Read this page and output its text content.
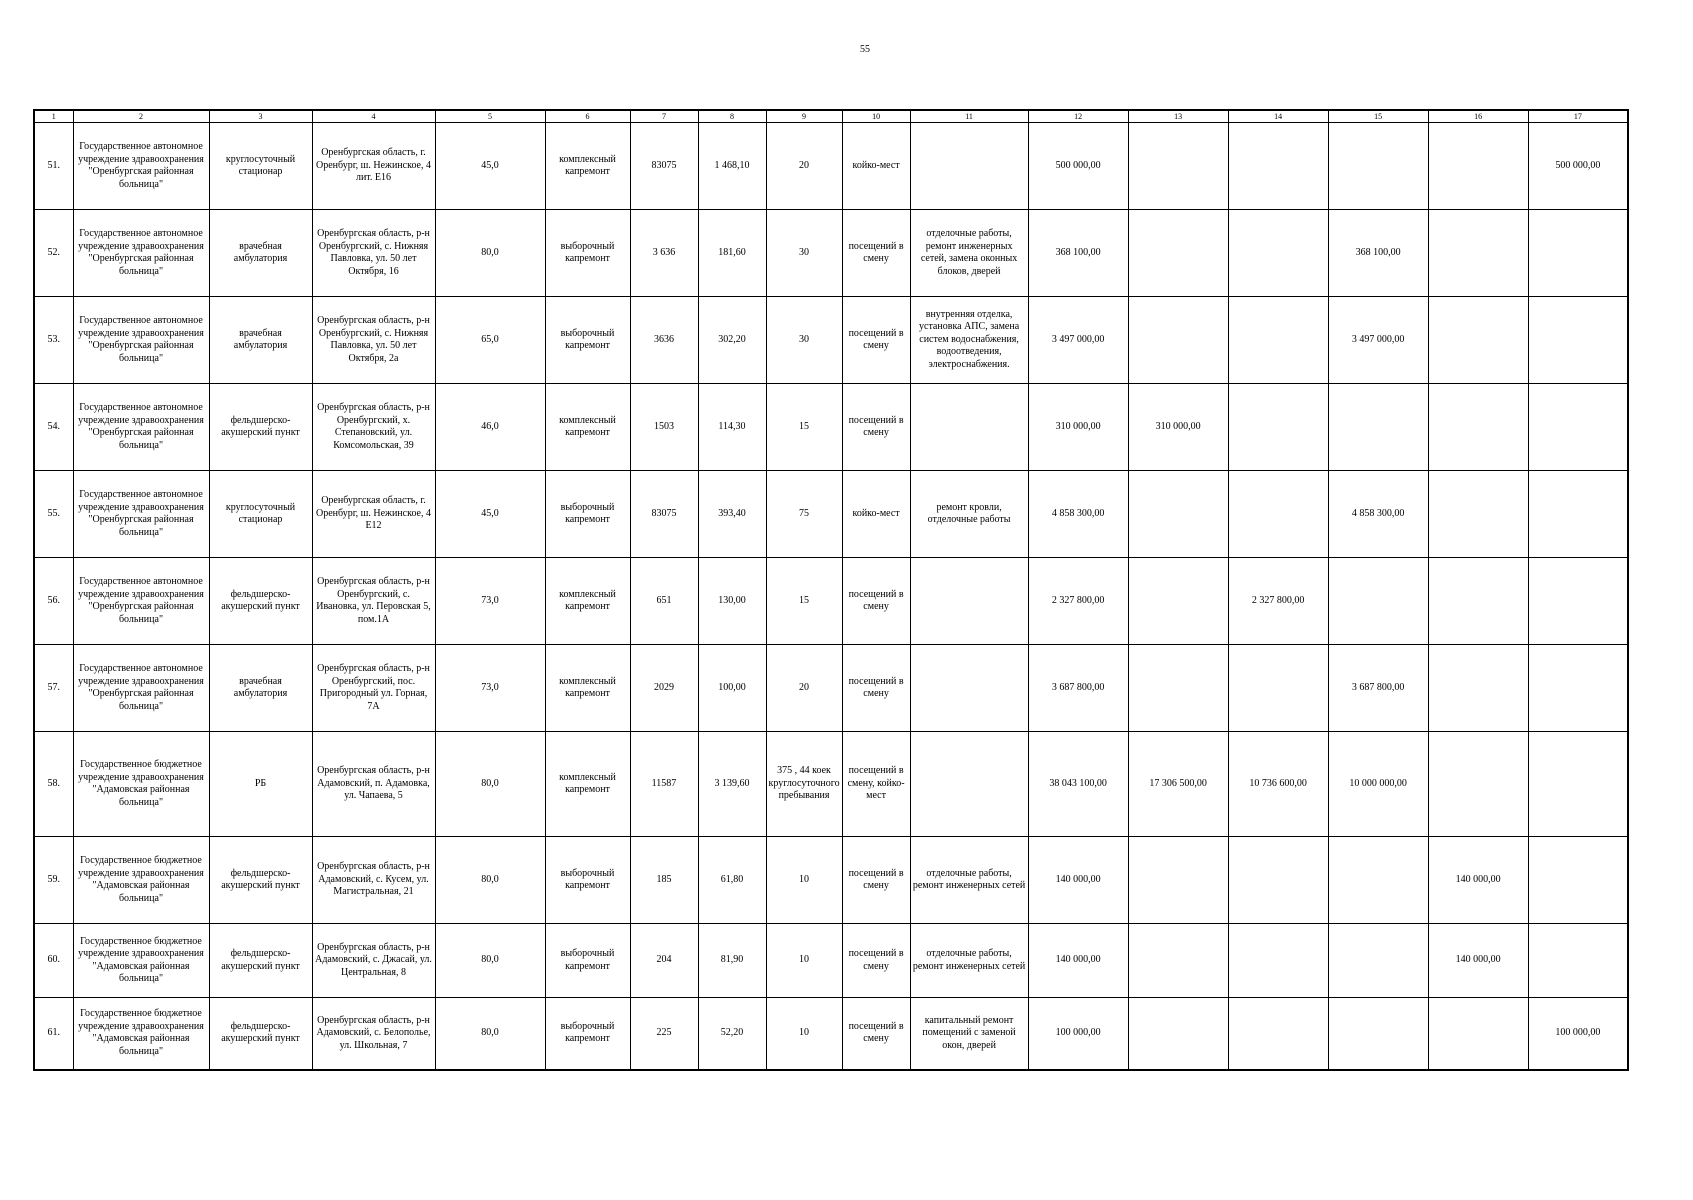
55
1	2	3	4	5	6	7	8	9	10	11	12	13	14	15	16	17
51.	Государственное автономное учреждение здравоохранения "Оренбургская районная больница"	круглосуточный стационар	Оренбургская область, г. Оренбург, ш. Нежинское, 4 лит. Е16	45,0	комплексный капремонт	83075	1 468,10	20	койко-мест		500 000,00					500 000,00
52.	Государственное автономное учреждение здравоохранения "Оренбургская районная больница"	врачебная амбулатория	Оренбургская область, р-н Оренбургский, с. Нижняя Павловка, ул. 50 лет Октября, 16	80,0	выборочный капремонт	3 636	181,60	30	посещений в смену	отделочные работы, ремонт инженерных сетей, замена оконных блоков, дверей	368 100,00			368 100,00		
53.	Государственное автономное учреждение здравоохранения "Оренбургская районная больница"	врачебная амбулатория	Оренбургская область, р-н Оренбургский, с. Нижняя Павловка, ул. 50 лет Октября, 2а	65,0	выборочный капремонт	3636	302,20	30	посещений в смену	внутренняя отделка, установка АПС, замена систем водоснабжения, водоотведения, электроснабжения.	3 497 000,00			3 497 000,00		
54.	Государственное автономное учреждение здравоохранения "Оренбургская районная больница"	фельдшерско-акушерский пункт	Оренбургская область, р-н Оренбургский, х. Степановский, ул. Комсомольская, 39	46,0	комплексный капремонт	1503	114,30	15	посещений в смену		310 000,00	310 000,00				
55.	Государственное автономное учреждение здравоохранения "Оренбургская районная больница"	круглосуточный стационар	Оренбургская область, г. Оренбург, ш. Нежинское, 4 Е12	45,0	выборочный капремонт	83075	393,40	75	койко-мест	ремонт кровли, отделочные работы	4 858 300,00			4 858 300,00		
56.	Государственное автономное учреждение здравоохранения "Оренбургская районная больница"	фельдшерско-акушерский пункт	Оренбургская область, р-н Оренбургский, с. Ивановка, ул. Перовская 5, пом.1А	73,0	комплексный капремонт	651	130,00	15	посещений в смену		2 327 800,00		2 327 800,00			
57.	Государственное автономное учреждение здравоохранения "Оренбургская районная больница"	врачебная амбулатория	Оренбургская область, р-н Оренбургский, пос. Пригородный ул. Горная, 7А	73,0	комплексный капремонт	2029	100,00	20	посещений в смену		3 687 800,00			3 687 800,00		
58.	Государственное бюджетное учреждение здравоохранения "Адамовская районная больница"	РБ	Оренбургская область, р-н Адамовский, п. Адамовка, ул. Чапаева, 5	80,0	комплексный капремонт	11587	3 139,60	375 , 44 коек круглосуточного пребывания	посещений в смену, койко-мест		38 043 100,00	17 306 500,00	10 736 600,00	10 000 000,00		
59.	Государственное бюджетное учреждение здравоохранения "Адамовская районная больница"	фельдшерско-акушерский пункт	Оренбургская область, р-н Адамовский, с. Кусем, ул. Магистральная, 21	80,0	выборочный капремонт	185	61,80	10	посещений в смену	отделочные работы, ремонт инженерных сетей	140 000,00				140 000,00	
60.	Государственное бюджетное учреждение здравоохранения "Адамовская районная больница"	фельдшерско-акушерский пункт	Оренбургская область, р-н Адамовский, с. Джасай, ул. Центральная, 8	80,0	выборочный капремонт	204	81,90	10	посещений в смену	отделочные работы, ремонт инженерных сетей	140 000,00				140 000,00	
61.	Государственное бюджетное учреждение здравоохранения "Адамовская районная больница"	фельдшерско-акушерский пункт	Оренбургская область, р-н Адамовский, с. Белополье, ул. Школьная, 7	80,0	выборочный капремонт	225	52,20	10	посещений в смену	капитальный ремонт помещений с заменой окон, дверей	100 000,00					100 000,00
